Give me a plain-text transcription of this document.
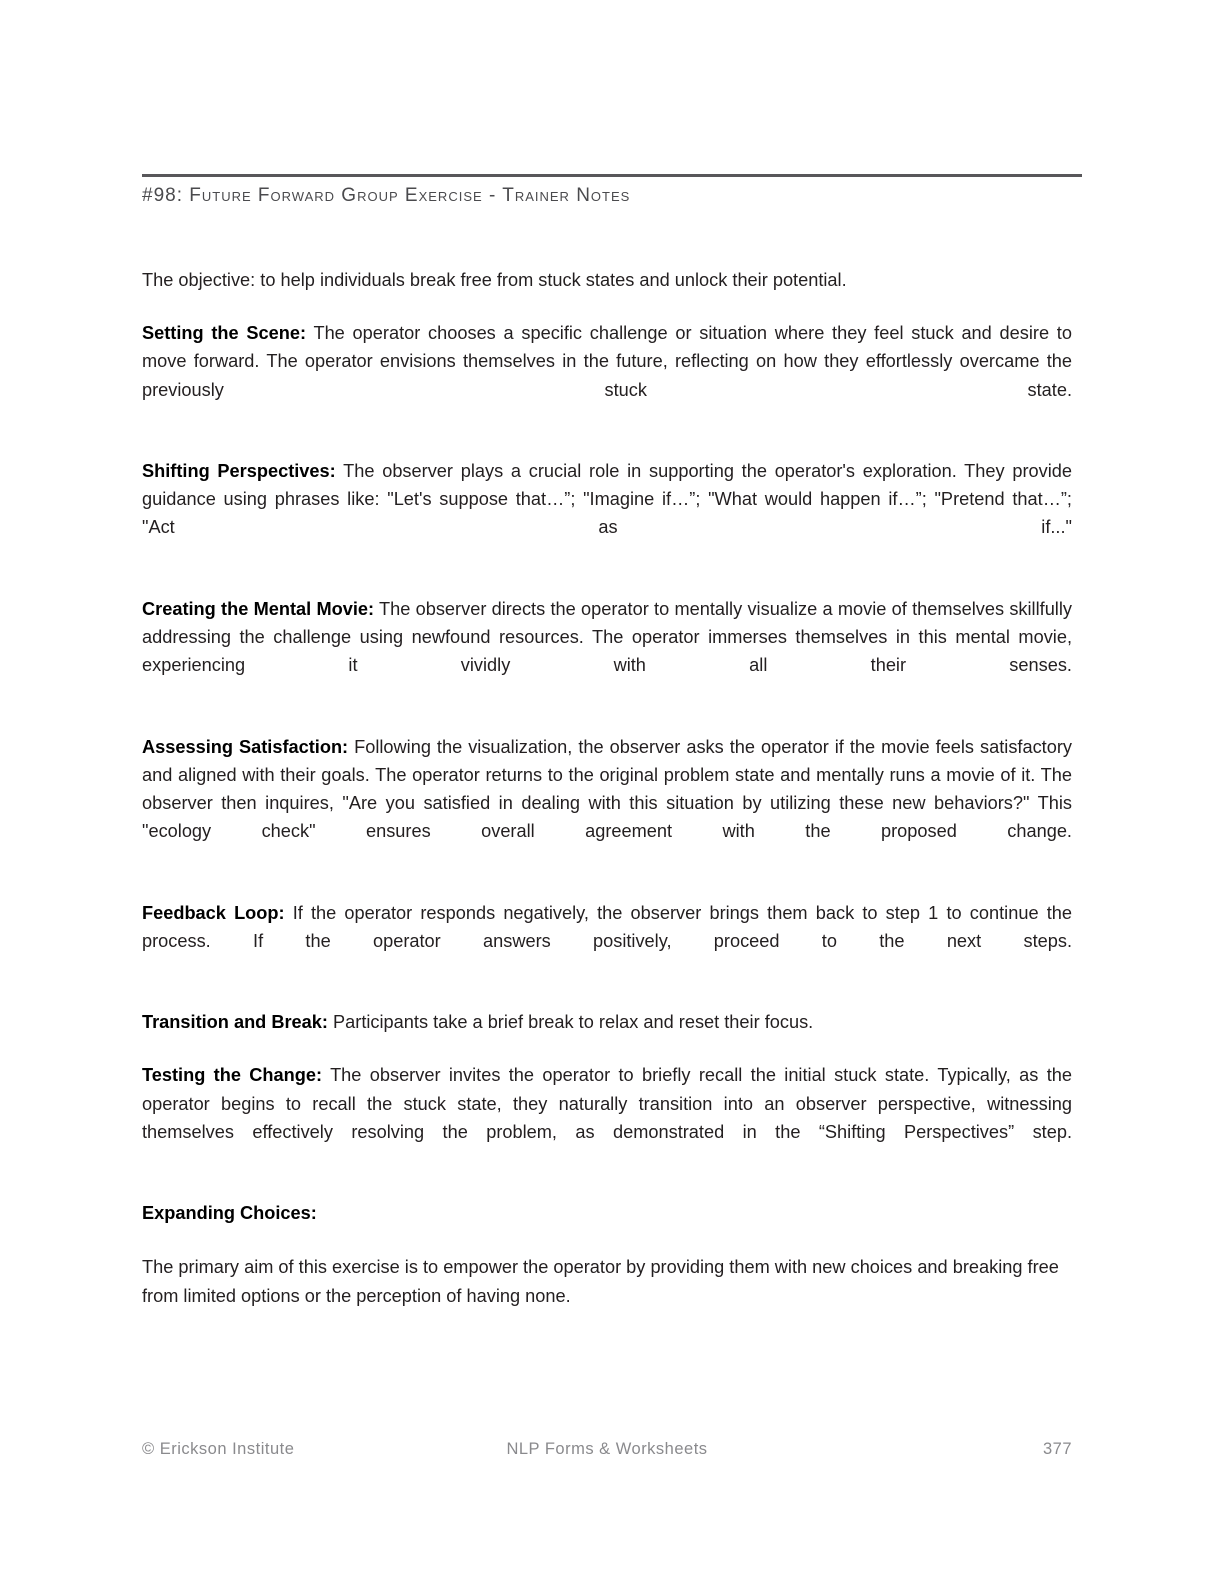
#98: Future Forward Group Exercise - Trainer Notes

The objective: to help individuals break free from stuck states and unlock their potential.

Setting the Scene: The operator chooses a specific challenge or situation where they feel stuck and desire to move forward. The operator envisions themselves in the future, reflecting on how they effortlessly overcame the previously stuck state.

Shifting Perspectives: The observer plays a crucial role in supporting the operator's exploration. They provide guidance using phrases like: "Let's suppose that…”; "Imagine if…”; "What would happen if…”; "Pretend that…”; "Act as if..."

Creating the Mental Movie: The observer directs the operator to mentally visualize a movie of themselves skillfully addressing the challenge using newfound resources. The operator immerses themselves in this mental movie, experiencing it vividly with all their senses.

Assessing Satisfaction: Following the visualization, the observer asks the operator if the movie feels satisfactory and aligned with their goals. The operator returns to the original problem state and mentally runs a movie of it. The observer then inquires, "Are you satisfied in dealing with this situation by utilizing these new behaviors?" This "ecology check" ensures overall agreement with the proposed change.

Feedback Loop: If the operator responds negatively, the observer brings them back to step 1 to continue the process. If the operator answers positively, proceed to the next steps.

Transition and Break: Participants take a brief break to relax and reset their focus.

Testing the Change: The observer invites the operator to briefly recall the initial stuck state. Typically, as the operator begins to recall the stuck state, they naturally transition into an observer perspective, witnessing themselves effectively resolving the problem, as demonstrated in the “Shifting Perspectives” step.

Expanding Choices:

The primary aim of this exercise is to empower the operator by providing them with new choices and breaking free from limited options or the perception of having none.

© Erickson Institute	NLP Forms & Worksheets	377
